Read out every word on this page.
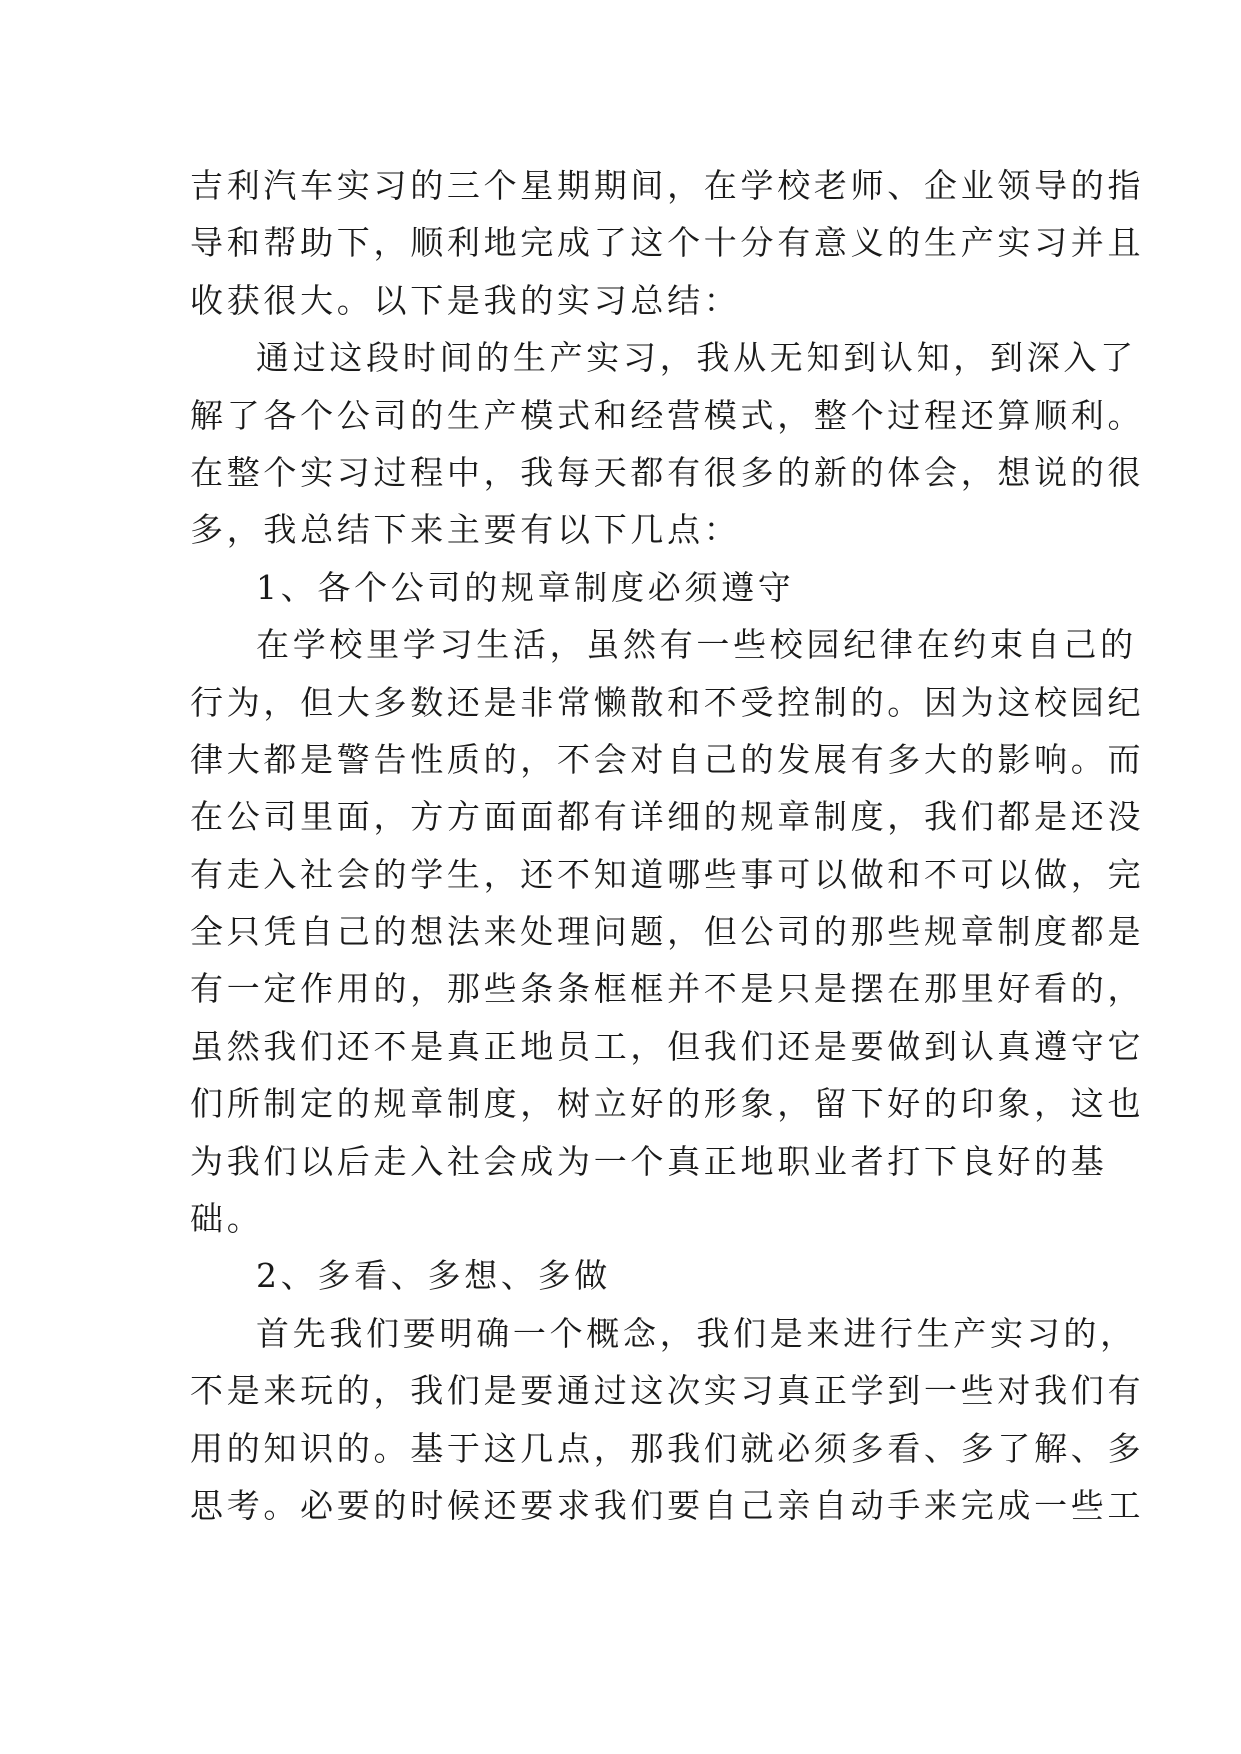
吉利汽车实习的三个星期期间，在学校老师、企业领导的指
导和帮助下，顺利地完成了这个十分有意义的生产实习并且
收获很大。以下是我的实习总结：
通过这段时间的生产实习，我从无知到认知，到深入了
解了各个公司的生产模式和经营模式，整个过程还算顺利。
在整个实习过程中，我每天都有很多的新的体会，想说的很
多，我总结下来主要有以下几点：
1、各个公司的规章制度必须遵守
在学校里学习生活，虽然有一些校园纪律在约束自己的
行为，但大多数还是非常懒散和不受控制的。因为这校园纪
律大都是警告性质的，不会对自己的发展有多大的影响。而
在公司里面，方方面面都有详细的规章制度，我们都是还没
有走入社会的学生，还不知道哪些事可以做和不可以做，完
全只凭自己的想法来处理问题，但公司的那些规章制度都是
有一定作用的，那些条条框框并不是只是摆在那里好看的，
虽然我们还不是真正地员工，但我们还是要做到认真遵守它
们所制定的规章制度，树立好的形象，留下好的印象，这也
为我们以后走入社会成为一个真正地职业者打下良好的基
础。
2、多看、多想、多做
首先我们要明确一个概念，我们是来进行生产实习的，
不是来玩的，我们是要通过这次实习真正学到一些对我们有
用的知识的。基于这几点，那我们就必须多看、多了解、多
思考。必要的时候还要求我们要自己亲自动手来完成一些工
